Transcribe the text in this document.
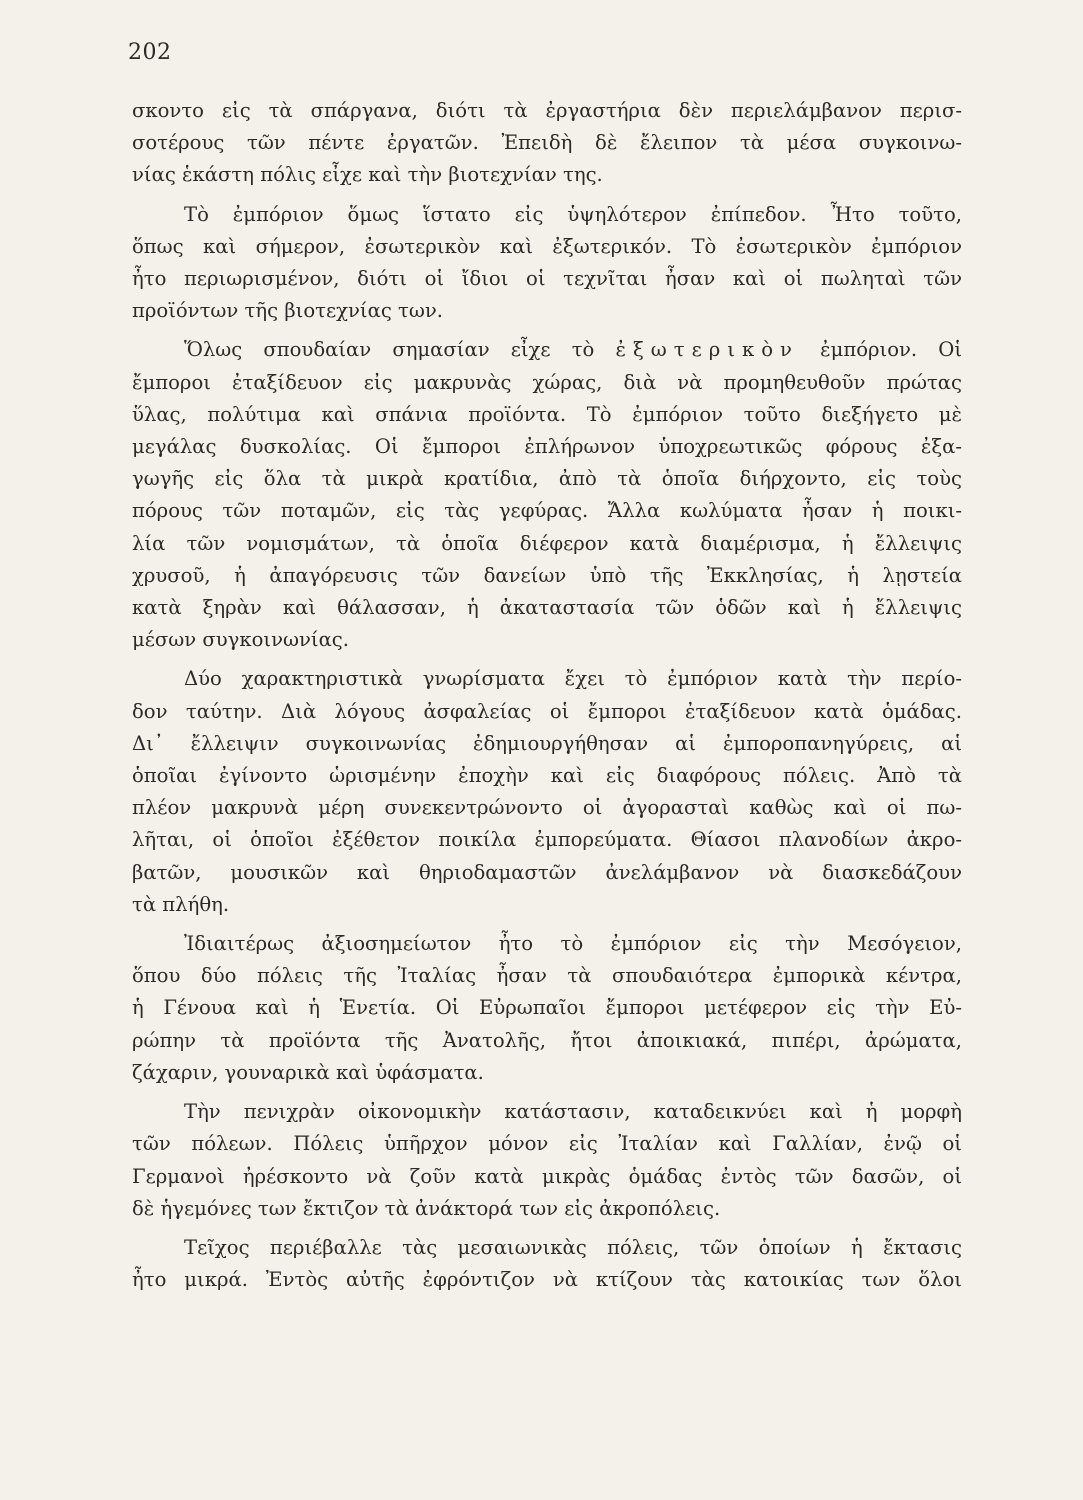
202

σκοντο εἰς τὰ σπάργανα, διότι τὰ ἐργαστήρια δὲν περιελάμβανον περισ-
σοτέρους τῶν πέντε ἐργατῶν. Ἐπειδὴ δὲ ἔλειπον τὰ μέσα συγκοινω-
νίας ἑκάστη πόλις εἶχε καὶ τὴν βιοτεχνίαν της.

Τὸ ἐμπόριον ὅμως ἵστατο εἰς ὑψηλότερον ἐπίπεδον. Ἦτο τοῦτο,
ὅπως καὶ σήμερον, ἐσωτερικὸν καὶ ἐξωτερικόν. Τὸ ἐσωτερικὸν ἐμπόριον
ἦτο περιωρισμένον, διότι οἱ ἴδιοι οἱ τεχνῖται ἦσαν καὶ οἱ πωληταὶ τῶν
προϊόντων τῆς βιοτεχνίας των.

Ὅλως σπουδαίαν σημασίαν εἶχε τὸ ἐξωτερικὸν ἐμπόριον. Οἱ
ἔμποροι ἐταξίδευον εἰς μακρυνὰς χώρας, διὰ νὰ προμηθευθοῦν πρώτας
ὕλας, πολύτιμα καὶ σπάνια προϊόντα. Τὸ ἐμπόριον τοῦτο διεξήγετο μὲ
μεγάλας δυσκολίας. Οἱ ἔμποροι ἐπλήρωνον ὑποχρεωτικῶς φόρους ἐξα-
γωγῆς εἰς ὅλα τὰ μικρὰ κρατίδια, ἀπὸ τὰ ὁποῖα διήρχοντο, εἰς τοὺς
πόρους τῶν ποταμῶν, εἰς τὰς γεφύρας. Ἄλλα κωλύματα ἦσαν ἡ ποικι-
λία τῶν νομισμάτων, τὰ ὁποῖα διέφερον κατὰ διαμέρισμα, ἡ ἔλλειψις
χρυσοῦ, ἡ ἀπαγόρευσις τῶν δανείων ὑπὸ τῆς Ἐκκλησίας, ἡ λῃστεία
κατὰ ξηρὰν καὶ θάλασσαν, ἡ ἀκαταστασία τῶν ὁδῶν καὶ ἡ ἔλλειψις
μέσων συγκοινωνίας.

Δύο χαρακτηριστικὰ γνωρίσματα ἔχει τὸ ἐμπόριον κατὰ τὴν περίο-
δον ταύτην. Διὰ λόγους ἀσφαλείας οἱ ἔμποροι ἐταξίδευον κατὰ ὁμάδας.
Δι᾿ ἔλλειψιν συγκοινωνίας ἐδημιουργήθησαν αἱ ἐμποροπανηγύρεις, αἱ
ὁποῖαι ἐγίνοντο ὡρισμένην ἐποχὴν καὶ εἰς διαφόρους πόλεις. Ἀπὸ τὰ
πλέον μακρυνὰ μέρη συνεκεντρώνοντο οἱ ἀγορασταὶ καθὼς καὶ οἱ πω-
λῆται, οἱ ὁποῖοι ἐξέθετον ποικίλα ἐμπορεύματα. Θίασοι πλανοδίων ἀκρο-
βατῶν, μουσικῶν καὶ θηριοδαμαστῶν ἀνελάμβανον νὰ διασκεδάζουν
τὰ πλήθη.

Ἰδιαιτέρως ἀξιοσημείωτον ἦτο τὸ ἐμπόριον εἰς τὴν Μεσόγειον,
ὅπου δύο πόλεις τῆς Ἰταλίας ἦσαν τὰ σπουδαιότερα ἐμπορικὰ κέντρα,
ἡ Γένουα καὶ ἡ Ἑνετία. Οἱ Εὐρωπαῖοι ἔμποροι μετέφερον εἰς τὴν Εὐ-
ρώπην τὰ προϊόντα τῆς Ἀνατολῆς, ἤτοι ἀποικιακά, πιπέρι, ἀρώματα,
ζάχαριν, γουναρικὰ καὶ ὑφάσματα.

Τὴν πενιχρὰν οἰκονομικὴν κατάστασιν, καταδεικνύει καὶ ἡ μορφὴ
τῶν πόλεων. Πόλεις ὑπῆρχον μόνον εἰς Ἰταλίαν καὶ Γαλλίαν, ἐνῷ οἱ
Γερμανοὶ ἠρέσκοντο νὰ ζοῦν κατὰ μικρὰς ὁμάδας ἐντὸς τῶν δασῶν, οἱ
δὲ ἡγεμόνες των ἔκτιζον τὰ ἀνάκτορά των εἰς ἀκροπόλεις.

Τεῖχος περιέβαλλε τὰς μεσαιωνικὰς πόλεις, τῶν ὁποίων ἡ ἔκτασις
ἦτο μικρά. Ἐντὸς αὐτῆς ἐφρόντιζον νὰ κτίζουν τὰς κατοικίας των ὅλοι
